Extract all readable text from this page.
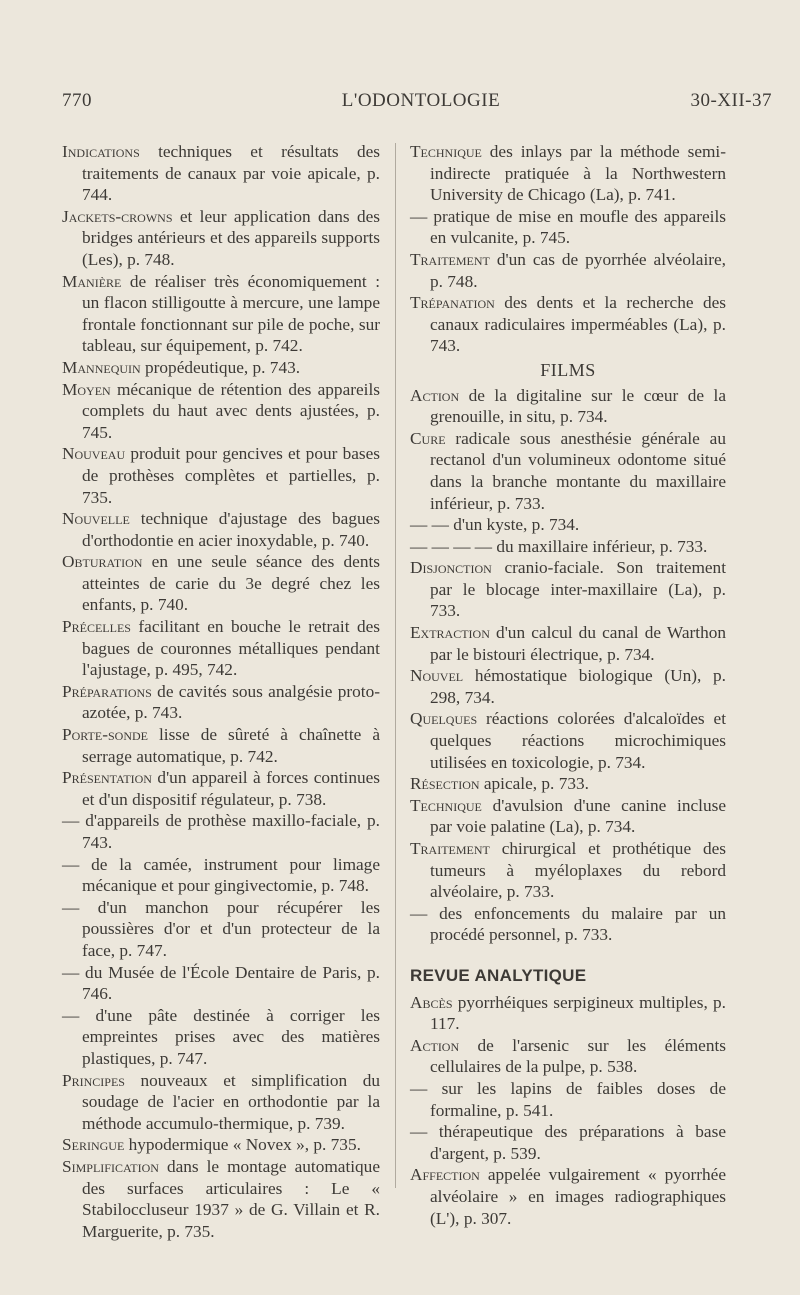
770	L'ODONTOLOGIE	30-XII-37

Indications techniques et résultats des traitements de canaux par voie apicale, p. 744.

Jackets-crowns et leur application dans des bridges antérieurs et des appareils supports (Les), p. 748.

Manière de réaliser très économiquement : un flacon stilligoutte à mercure, une lampe frontale fonctionnant sur pile de poche, sur tableau, sur équipement, p. 742.

Mannequin propédeutique, p. 743.

Moyen mécanique de rétention des appareils complets du haut avec dents ajustées, p. 745.

Nouveau produit pour gencives et pour bases de prothèses complètes et partielles, p. 735.

Nouvelle technique d'ajustage des bagues d'orthodontie en acier inoxydable, p. 740.

Obturation en une seule séance des dents atteintes de carie du 3e degré chez les enfants, p. 740.

Précelles facilitant en bouche le retrait des bagues de couronnes métalliques pendant l'ajustage, p. 495, 742.

Préparations de cavités sous analgésie proto-azotée, p. 743.

Porte-sonde lisse de sûreté à chaînette à serrage automatique, p. 742.

Présentation d'un appareil à forces continues et d'un dispositif régulateur, p. 738.

— d'appareils de prothèse maxillo-faciale, p. 743.

— de la camée, instrument pour limage mécanique et pour gingivectomie, p. 748.

— d'un manchon pour récupérer les poussières d'or et d'un protecteur de la face, p. 747.

— du Musée de l'École Dentaire de Paris, p. 746.

— d'une pâte destinée à corriger les empreintes prises avec des matières plastiques, p. 747.

Principes nouveaux et simplification du soudage de l'acier en orthodontie par la méthode accumulo-thermique, p. 739.

Seringue hypodermique « Novex », p. 735.

Simplification dans le montage automatique des surfaces articulaires : Le « Stabiloccluseur 1937 » de G. Villain et R. Marguerite, p. 735.

Technique des inlays par la méthode semi-indirecte pratiquée à la Northwestern University de Chicago (La), p. 741.

— pratique de mise en moufle des appareils en vulcanite, p. 745.

Traitement d'un cas de pyorrhée alvéolaire, p. 748.

Trépanation des dents et la recherche des canaux radiculaires imperméables (La), p. 743.

FILMS

Action de la digitaline sur le cœur de la grenouille, in situ, p. 734.

Cure radicale sous anesthésie générale au rectanol d'un volumineux odontome situé dans la branche montante du maxillaire inférieur, p. 733.

— — d'un kyste, p. 734.

— — — — du maxillaire inférieur, p. 733.

Disjonction cranio-faciale. Son traitement par le blocage inter-maxillaire (La), p. 733.

Extraction d'un calcul du canal de Warthon par le bistouri électrique, p. 734.

Nouvel hémostatique biologique (Un), p. 298, 734.

Quelques réactions colorées d'alcaloïdes et quelques réactions microchimiques utilisées en toxicologie, p. 734.

Résection apicale, p. 733.

Technique d'avulsion d'une canine incluse par voie palatine (La), p. 734.

Traitement chirurgical et prothétique des tumeurs à myéloplaxes du rebord alvéolaire, p. 733.

— des enfoncements du malaire par un procédé personnel, p. 733.

REVUE ANALYTIQUE

Abcès pyorrhéiques serpigineux multiples, p. 117.

Action de l'arsenic sur les éléments cellulaires de la pulpe, p. 538.

— sur les lapins de faibles doses de formaline, p. 541.

— thérapeutique des préparations à base d'argent, p. 539.

Affection appelée vulgairement « pyorrhée alvéolaire » en images radiographiques (L'), p. 307.
